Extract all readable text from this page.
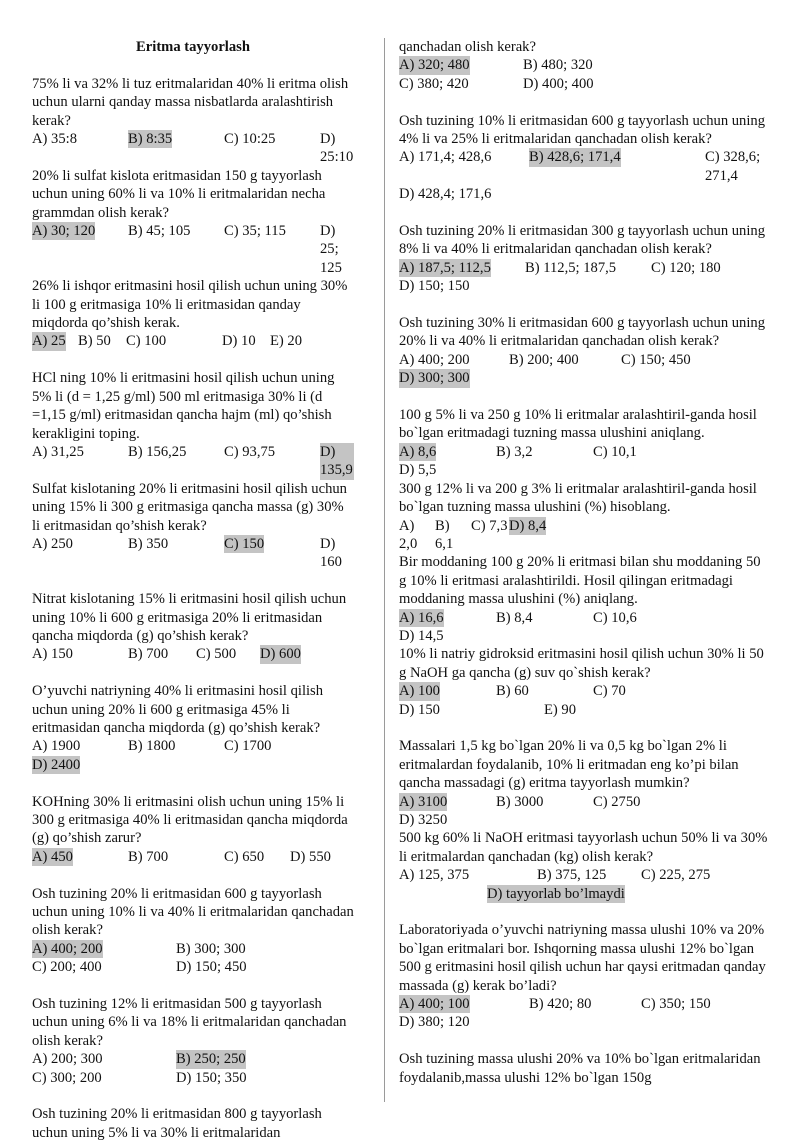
Eritma tayyorlash
75% li va 32% li tuz eritmalaridan 40% li eritma olish uchun ularni qanday massa nisbatlarda aralashtirish kerak?
A) 35:8	B) 8:35	C) 10:25	D) 25:10
20% li sulfat kislota eritmasidan 150 g tayyorlash uchun uning 60% li va 10% li eritmalaridan necha grammdan olish kerak?
A) 30; 120	B) 45; 105	C) 35; 115	D) 25; 125
26% li ishqor eritmasini hosil qilish uchun uning 30% li 100 g eritmasiga 10% li eritmasidan qanday miqdorda qo’shish kerak.
A) 25 B) 50	C) 100	D) 10 E) 20
HCl ning 10% li eritmasini hosil qilish uchun uning 5% li (d = 1,25 g/ml) 500 ml eritmasiga 30% li (d =1,15 g/ml) eritmasidan qancha hajm (ml) qo’shish kerakligini toping.
A) 31,25	B) 156,25	C) 93,75	D) 135,9
Sulfat kislotaning 20% li eritmasini hosil qilish uchun uning 15% li 300 g eritmasiga qancha massa (g) 30% li eritmasidan qo’shish kerak?
A) 250	B) 350	C) 150	D) 160
Nitrat kislotaning 15% li eritmasini hosil qilish uchun uning 10% li 600 g eritmasiga 20% li eritmasidan qancha miqdorda (g) qo’shish kerak?
A) 150	B) 700	C) 500	D) 600
O’yuvchi natriyning 40% li eritmasini hosil qilish uchun uning 20% li 600 g eritmasiga 45% li eritmasidan qancha miqdorda (g) qo’shish kerak?
A) 1900	B) 1800	C) 1700
D) 2400
KOHning 30% li eritmasini olish uchun uning 15% li 300 g eritmasiga 40% li eritmasidan qancha miqdorda (g) qo’shish zarur?
A) 450	B) 700	C) 650	D) 550
Osh tuzining 20% li eritmasidan 600 g tayyorlash uchun uning 10% li va 40% li eritmalaridan qanchadan olish kerak?
A) 400; 200	B) 300; 300
C) 200; 400	D) 150; 450
Osh tuzining 12% li eritmasidan 500 g tayyorlash uchun uning 6% li va 18% li eritmalaridan qanchadan olish kerak?
A) 200; 300	B) 250; 250
C) 300; 200	D) 150; 350
Osh tuzining 20% li eritmasidan 800 g tayyorlash uchun uning 5% li va 30% li eritmalaridan
qanchadan olish kerak?
A) 320; 480	B) 480; 320
C) 380; 420	D) 400; 400
Osh tuzining 10% li eritmasidan 600 g tayyorlash uchun uning 4% li va 25% li eritmalaridan qanchadan olish kerak?
A) 171,4; 428,6	B) 428,6; 171,4	C) 328,6; 271,4
D) 428,4; 171,6
Osh tuzining 20% li eritmasidan 300 g tayyorlash uchun uning 8% li va 40% li eritmalaridan qanchadan olish kerak?
A) 187,5; 112,5	B) 112,5; 187,5	C) 120; 180
D) 150; 150
Osh tuzining 30% li eritmasidan 600 g tayyorlash uchun uning 20% li va 40% li eritmalaridan qanchadan olish kerak?
A) 400; 200	B) 200; 400	C) 150; 450
D) 300; 300
100 g 5% li va 250 g 10% li eritmalar aralashtiril-ganda hosil bo`lgan eritmadagi tuzning massa ulushini aniqlang.
A) 8,6	B) 3,2	C) 10,1
D) 5,5
300 g 12% li va 200 g 3% li eritmalar aralashtiril-ganda hosil bo`lgan tuzning massa ulushini (%) hisoblang.
A) 2,0
B) 6,1
C) 7,3 D) 8,4
Bir moddaning 100 g 20% li eritmasi bilan shu moddaning 50 g 10% li eritmasi aralashtirildi. Hosil qilingan eritmadagi moddaning massa ulushini (%) aniqlang.
A) 16,6	B) 8,4	C) 10,6
D) 14,5
10% li natriy gidroksid eritmasini hosil qilish uchun 30% li 50 g NaOH ga qancha (g) suv qo`shish kerak?
A) 100	B) 60	C) 70
D) 150	E) 90
Massalari 1,5 kg bo`lgan 20% li va 0,5 kg bo`lgan 2% li eritmalardan foydalanib, 10% li eritmadan eng ko’pi bilan qancha massadagi (g) eritma tayyorlash mumkin?
A) 3100	B) 3000	C) 2750
D) 3250
500 kg 60% li NaOH eritmasi tayyorlash uchun 50% li va 30% li eritmalardan qanchadan (kg) olish kerak?
A) 125, 375	B) 375, 125	C) 225, 275
D) tayyorlab bo’lmaydi
Laboratoriyada o’yuvchi natriyning massa ulushi 10% va 20% bo`lgan eritmalari bor. Ishqorning massa ulushi 12% bo`lgan 500 g eritmasini hosil qilish uchun har qaysi eritmadan qanday massada (g) kerak bo’ladi?
A) 400; 100	B) 420; 80	C) 350; 150
D) 380; 120
Osh tuzining massa ulushi 20% va 10% bo`lgan eritmalaridan foydalanib,massa ulushi 12% bo`lgan 150g
